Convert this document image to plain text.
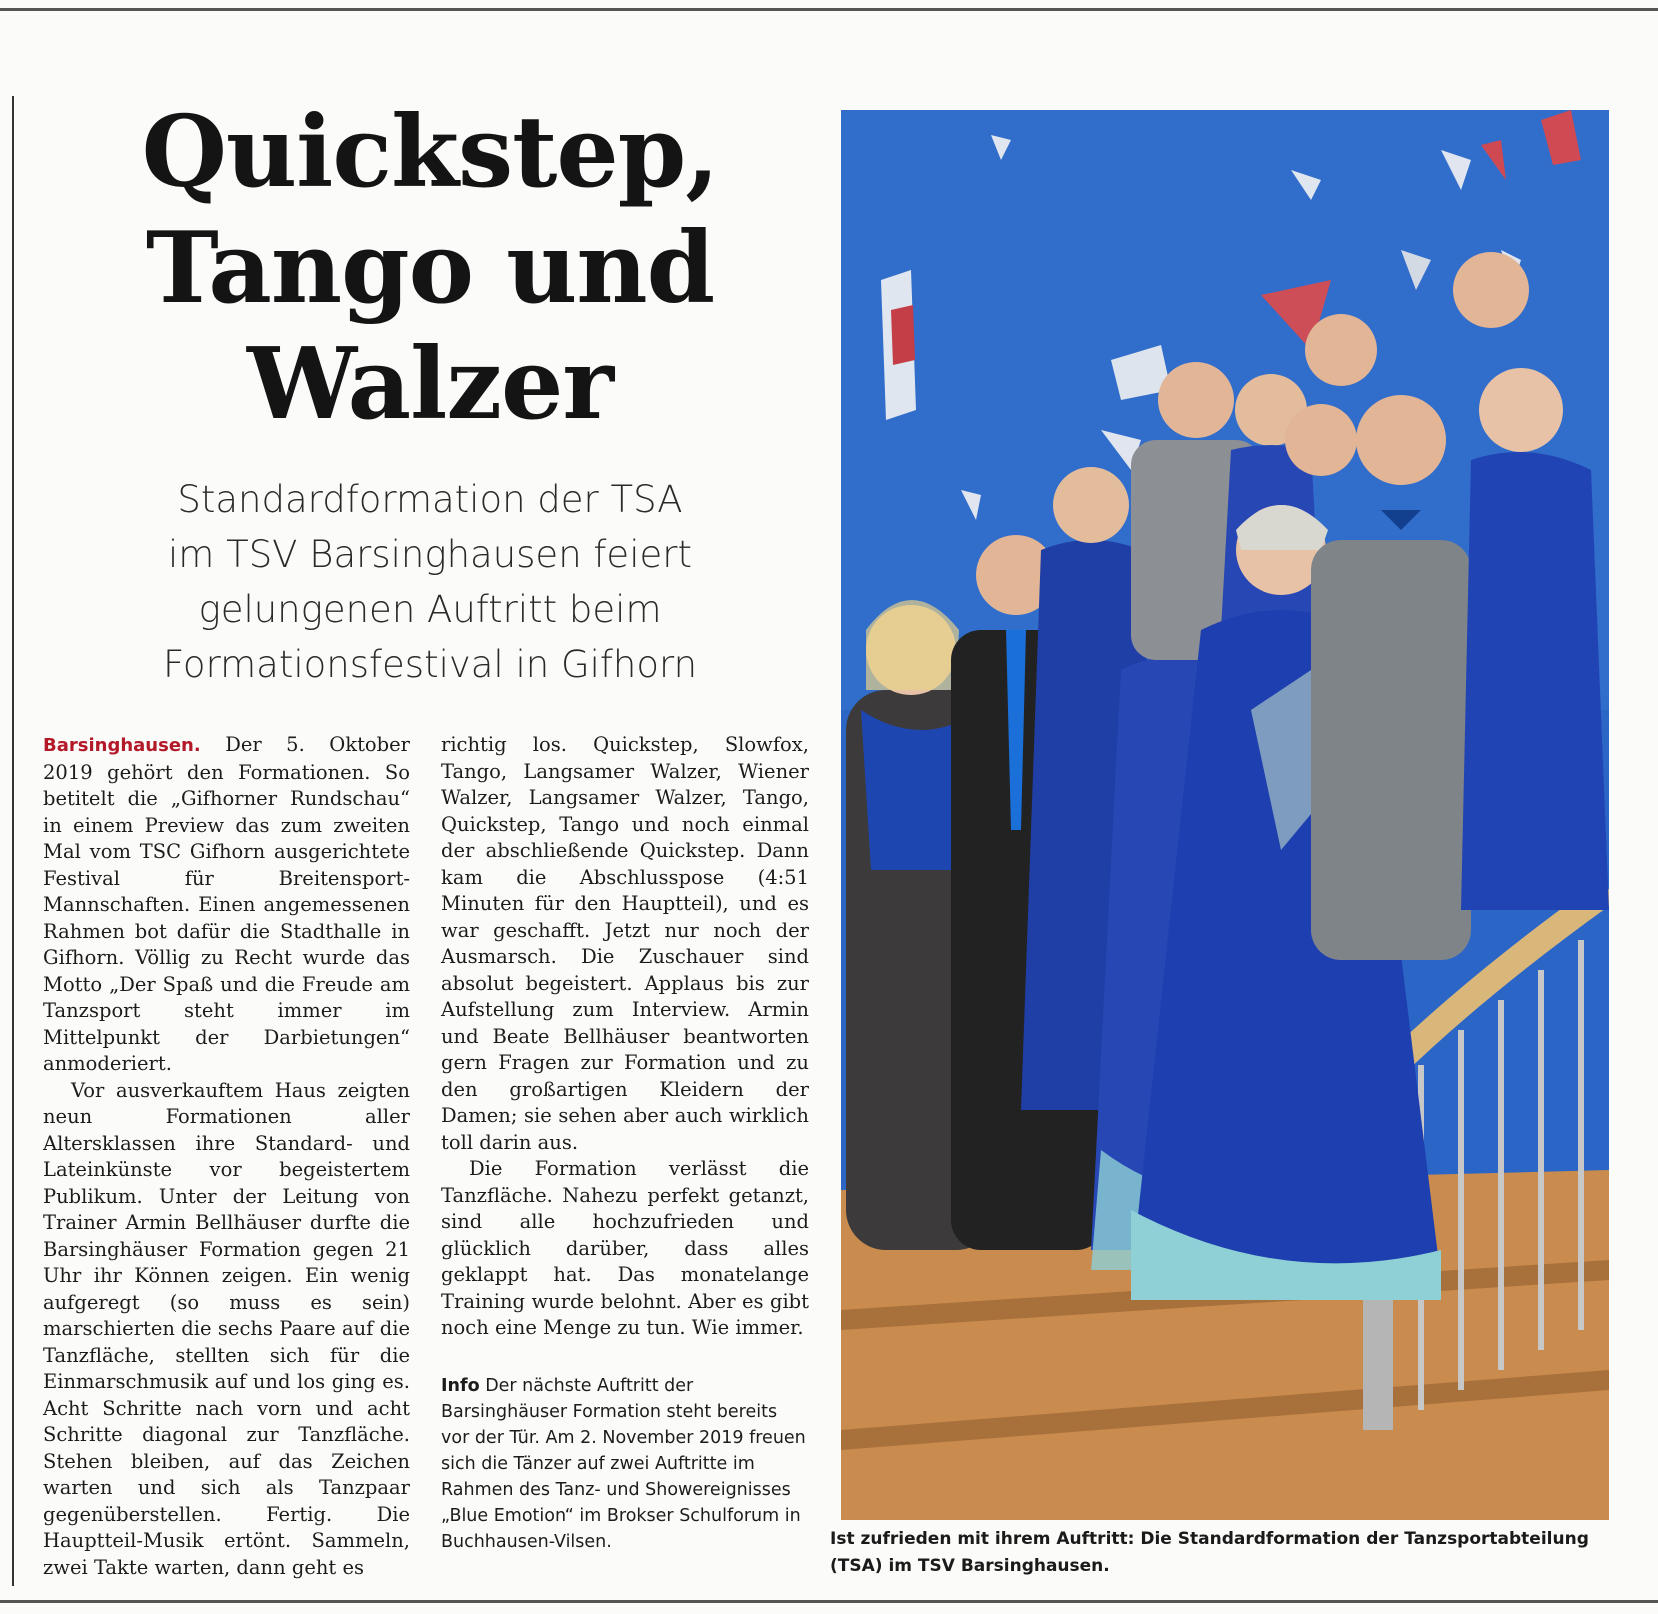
Quickstep,
Tango und
Walzer
Standardformation der TSA
im TSV Barsinghausen feiert
gelungenen Auftritt beim
Formationsfestival in Gifhorn

Barsinghausen. Der 5. Oktober 2019 gehört den Formationen. So betitelt die „Gifhorner Rundschau“ in einem Preview das zum zweiten Mal vom TSC Gifhorn ausgerichtete Festival für Breitensport-Mannschaften. Einen angemessenen Rahmen bot dafür die Stadthalle in Gifhorn. Völlig zu Recht wurde das Motto „Der Spaß und die Freude am Tanzsport steht immer im Mittelpunkt der Darbietungen“ anmoderiert.

Vor ausverkauftem Haus zeigten neun Formationen aller Altersklassen ihre Standard- und Lateinkünste vor begeistertem Publikum. Unter der Leitung von Trainer Armin Bellhäuser durfte die Barsinghäuser Formation gegen 21 Uhr ihr Können zeigen. Ein wenig aufgeregt (so muss es sein) marschierten die sechs Paare auf die Tanzfläche, stellten sich für die Einmarschmusik auf und los ging es. Acht Schritte nach vorn und acht Schritte diagonal zur Tanzfläche. Stehen bleiben, auf das Zeichen warten und sich als Tanzpaar gegenüberstellen. Fertig. Die Hauptteil-Musik ertönt. Sammeln, zwei Takte warten, dann geht es

richtig los. Quickstep, Slowfox, Tango, Langsamer Walzer, Wiener Walzer, Langsamer Walzer, Tango, Quickstep, Tango und noch einmal der abschließende Quickstep. Dann kam die Abschlusspose (4:51 Minuten für den Hauptteil), und es war geschafft. Jetzt nur noch der Ausmarsch. Die Zuschauer sind absolut begeistert. Applaus bis zur Aufstellung zum Interview. Armin und Beate Bellhäuser beantworten gern Fragen zur Formation und zu den großartigen Kleidern der Damen; sie sehen aber auch wirklich toll darin aus.

Die Formation verlässt die Tanzfläche. Nahezu perfekt getanzt, sind alle hochzufrieden und glücklich darüber, dass alles geklappt hat. Das monatelange Training wurde belohnt. Aber es gibt noch eine Menge zu tun. Wie immer.

Info Der nächste Auftritt der Barsinghäuser Formation steht bereits vor der Tür. Am 2. November 2019 freuen sich die Tänzer auf zwei Auftritte im Rahmen des Tanz- und Showereignisses „Blue Emotion“ im Brokser Schulforum in Buchhausen-Vilsen.	Ist zufrieden mit ihrem Auftritt: Die Standardformation der Tanzsportabteilung (TSA) im TSV Barsinghausen.
